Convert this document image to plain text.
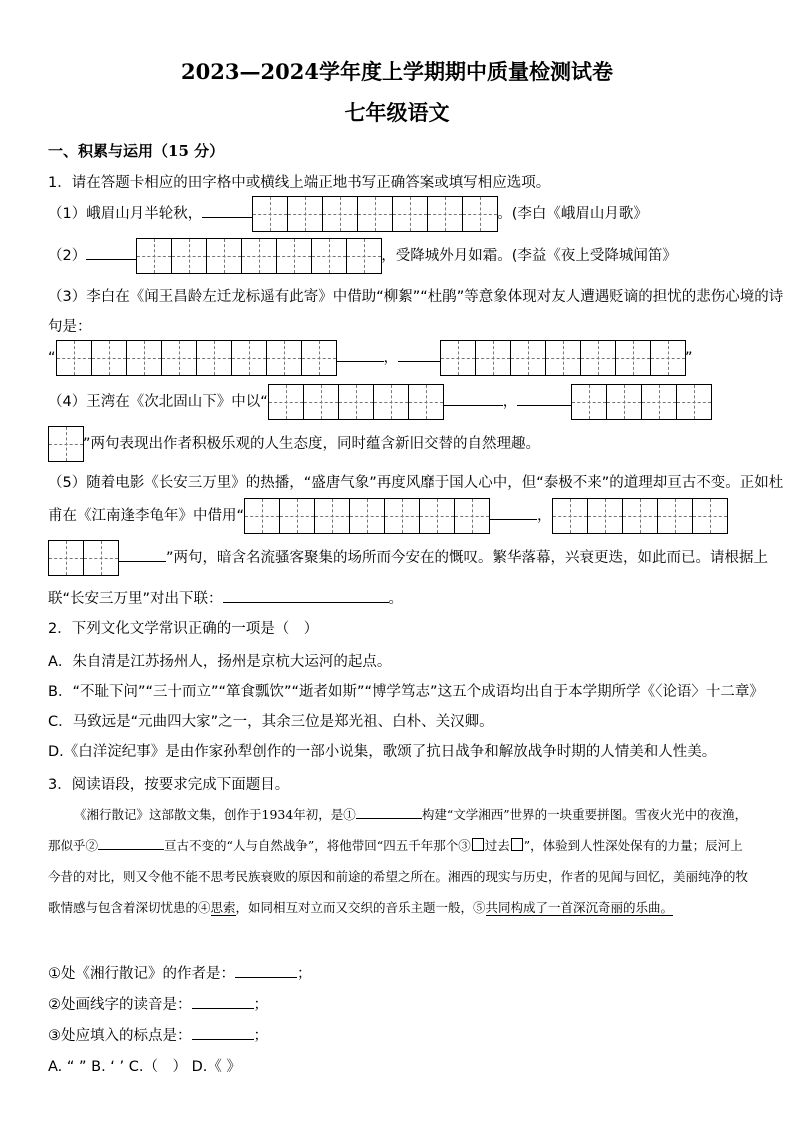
2023—2024学年度上学期期中质量检测试卷
七年级语文
一、积累与运用（15 分）
1．请在答题卡相应的田字格中或横线上端正地书写正确答案或填写相应选项。
（1）峨眉山月半轮秋，	。(李白《峨眉山月歌》
（2）	，受降城外月如霜。(李益《夜上受降城闻笛》
（3）李白在《闻王昌龄左迁龙标遥有此寄》中借助“柳絮”“杜鹃”等意象体现对友人遭遇贬谪的担忧的悲伤心境的诗
句是：
“	，	”
（4）王湾在《次北固山下》中以“	，
”两句表现出作者积极乐观的人生态度，同时蕴含新旧交替的自然理趣。
（5）随着电影《长安三万里》的热播，“盛唐气象”再度风靡于国人心中，但“泰极不来”的道理却亘古不变。正如杜
甫在《江南逢李龟年》中借用“	，
”两句，暗含名流骚客聚集的场所而今安在的慨叹。繁华落幕，兴衰更迭，如此而已。请根据上
联“长安三万里”对出下联：	。
2．下列文化文学常识正确的一项是（　）
A．朱自清是江苏扬州人，扬州是京杭大运河的起点。
B．“不耻下问”“三十而立”“箪食瓢饮”“逝者如斯”“博学笃志”这五个成语均出自于本学期所学《〈论语〉十二章》
C．马致远是“元曲四大家”之一，其余三位是郑光祖、白朴、关汉卿。
D.《白洋淀纪事》是由作家孙犁创作的一部小说集，歌颂了抗日战争和解放战争时期的人情美和人性美。
3．阅读语段，按要求完成下面题目。
《湘行散记》这部散文集，创作于1934年初，是①	构建“文学湘西”世界的一块重要拼图。雪夜火光中的夜渔，那似乎②	亘古不变的“人与自然战争”，将他带回“四五千年那个③ 过去 ”，体验到人性深处保有的力量；辰河上今昔的对比，则又令他不能不思考民族衰败的原因和前途的希望之所在。湘西的现实与历史，作者的见闻与回忆，美丽纯净的牧歌情感与包含着深切忧患的④思索，如同相互对立而又交织的音乐主题一般，⑤共同构成了一首深沉奇丽的乐曲。
①处《湘行散记》的作者是：	；
②处画线字的读音是：	；
③处应填入的标点是：	；
A. “ ” B. ‘ ’ C.（　） D.《 》
